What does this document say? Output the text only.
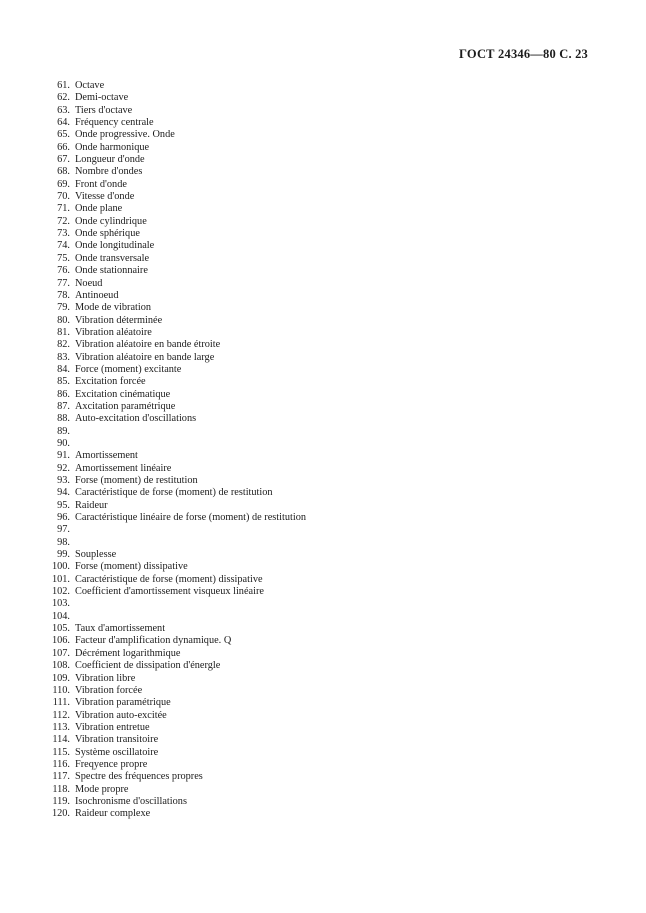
ГОСТ 24346—80 С. 23
61. Octave
62. Demi-octave
63. Tiers d'octave
64. Fréquency centrale
65. Onde progressive. Onde
66. Onde harmonique
67. Longueur d'onde
68. Nombre d'ondes
69. Front d'onde
70. Vitesse d'onde
71. Onde plane
72. Onde cylindrique
73. Onde sphérique
74. Onde longitudinale
75. Onde transversale
76. Onde stationnaire
77. Noeud
78. Antinoeud
79. Mode de vibration
80. Vibration déterminée
81. Vibration aléatoire
82. Vibration aléatoire en bande étroite
83. Vibration aléatoire en bande large
84. Force (moment) excitante
85. Excitation forcée
86. Excitation cinématique
87. Axcitation paramétrique
88. Auto-excitation d'oscillations
89.
90.
91. Amortissement
92. Amortissement linéaire
93. Forse (moment) de restitution
94. Caractéristique de forse (moment) de restitution
95. Raideur
96. Caractéristique linéaire de forse (moment) de restitution
97.
98.
99. Souplesse
100. Forse (moment) dissipative
101. Caractéristique de forse (moment) dissipative
102. Coefficient d'amortissement visqueux linéaire
103.
104.
105. Taux d'amortissement
106. Facteur d'amplification dynamique. Q
107. Décrément logarithmique
108. Coefficient de dissipation d'énergle
109. Vibration libre
110. Vibration forcée
111. Vibration paramétrique
112. Vibration auto-excitée
113. Vibration entretue
114. Vibration transitoire
115. Système oscillatoire
116. Freqyence propre
117. Spectre des fréquences propres
118. Mode propre
119. Isochronisme d'oscillations
120. Raideur complexe
